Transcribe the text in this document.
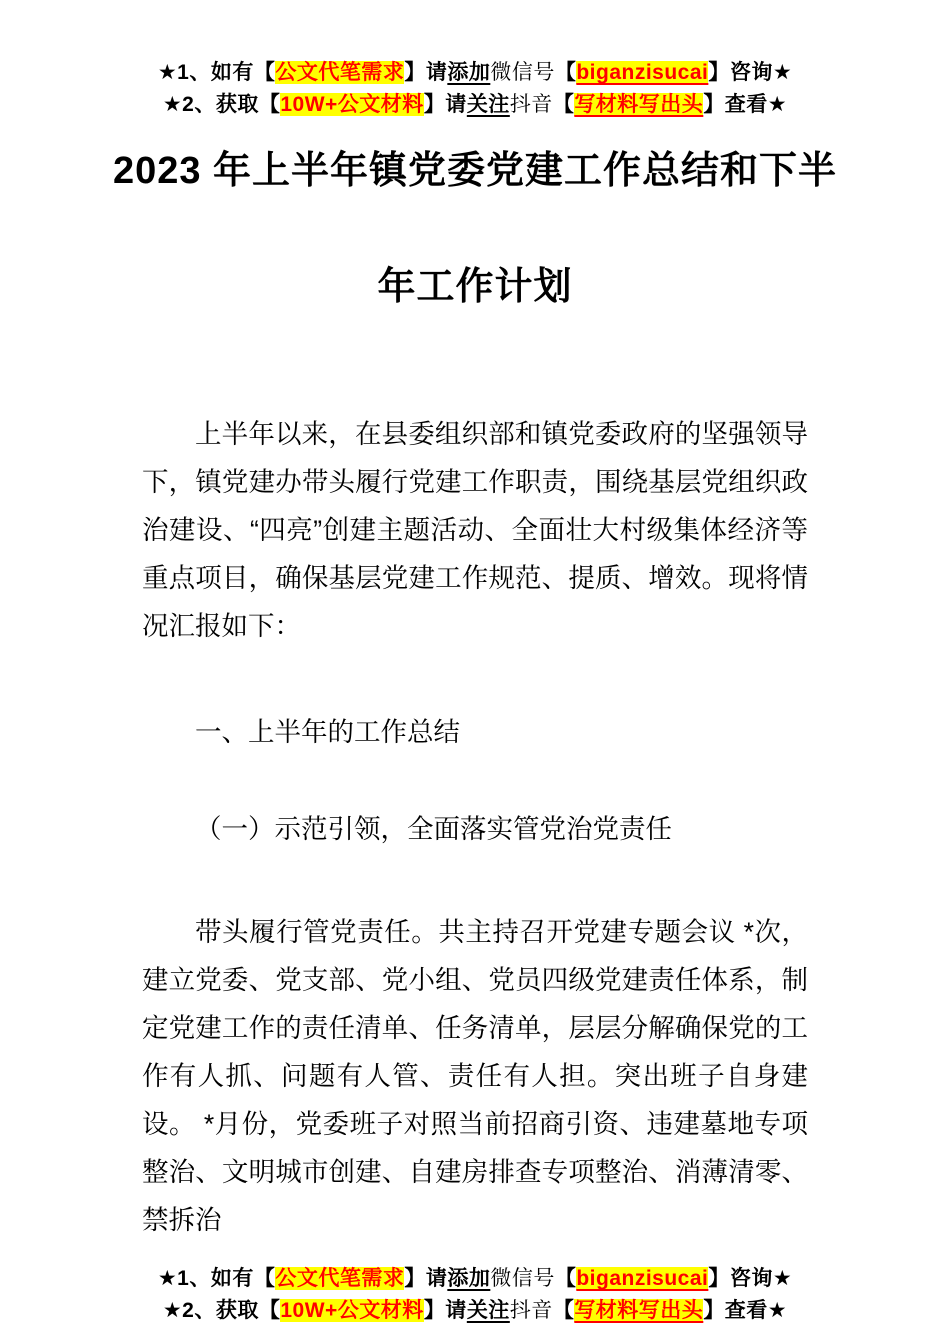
★1、如有【公文代笔需求】请添加微信号【biganzisucai】咨询★
★2、获取【10W+公文材料】请关注抖音【写材料写出头】查看★
2023 年上半年镇党委党建工作总结和下半
年工作计划
上半年以来，在县委组织部和镇党委政府的坚强领导下，镇党建办带头履行党建工作职责，围绕基层党组织政治建设、“四亮”创建主题活动、全面壮大村级集体经济等重点项目，确保基层党建工作规范、提质、增效。现将情况汇报如下：
一、上半年的工作总结
（一）示范引领，全面落实管党治党责任
带头履行管党责任。共主持召开党建专题会议 *次，建立党委、党支部、党小组、党员四级党建责任体系，制定党建工作的责任清单、任务清单，层层分解确保党的工作有人抓、问题有人管、责任有人担。突出班子自身建设。 *月份，党委班子对照当前招商引资、违建墓地专项整治、文明城市创建、自建房排查专项整治、消薄清零、禁拆治
★1、如有【公文代笔需求】请添加微信号【biganzisucai】咨询★
★2、获取【10W+公文材料】请关注抖音【写材料写出头】查看★
